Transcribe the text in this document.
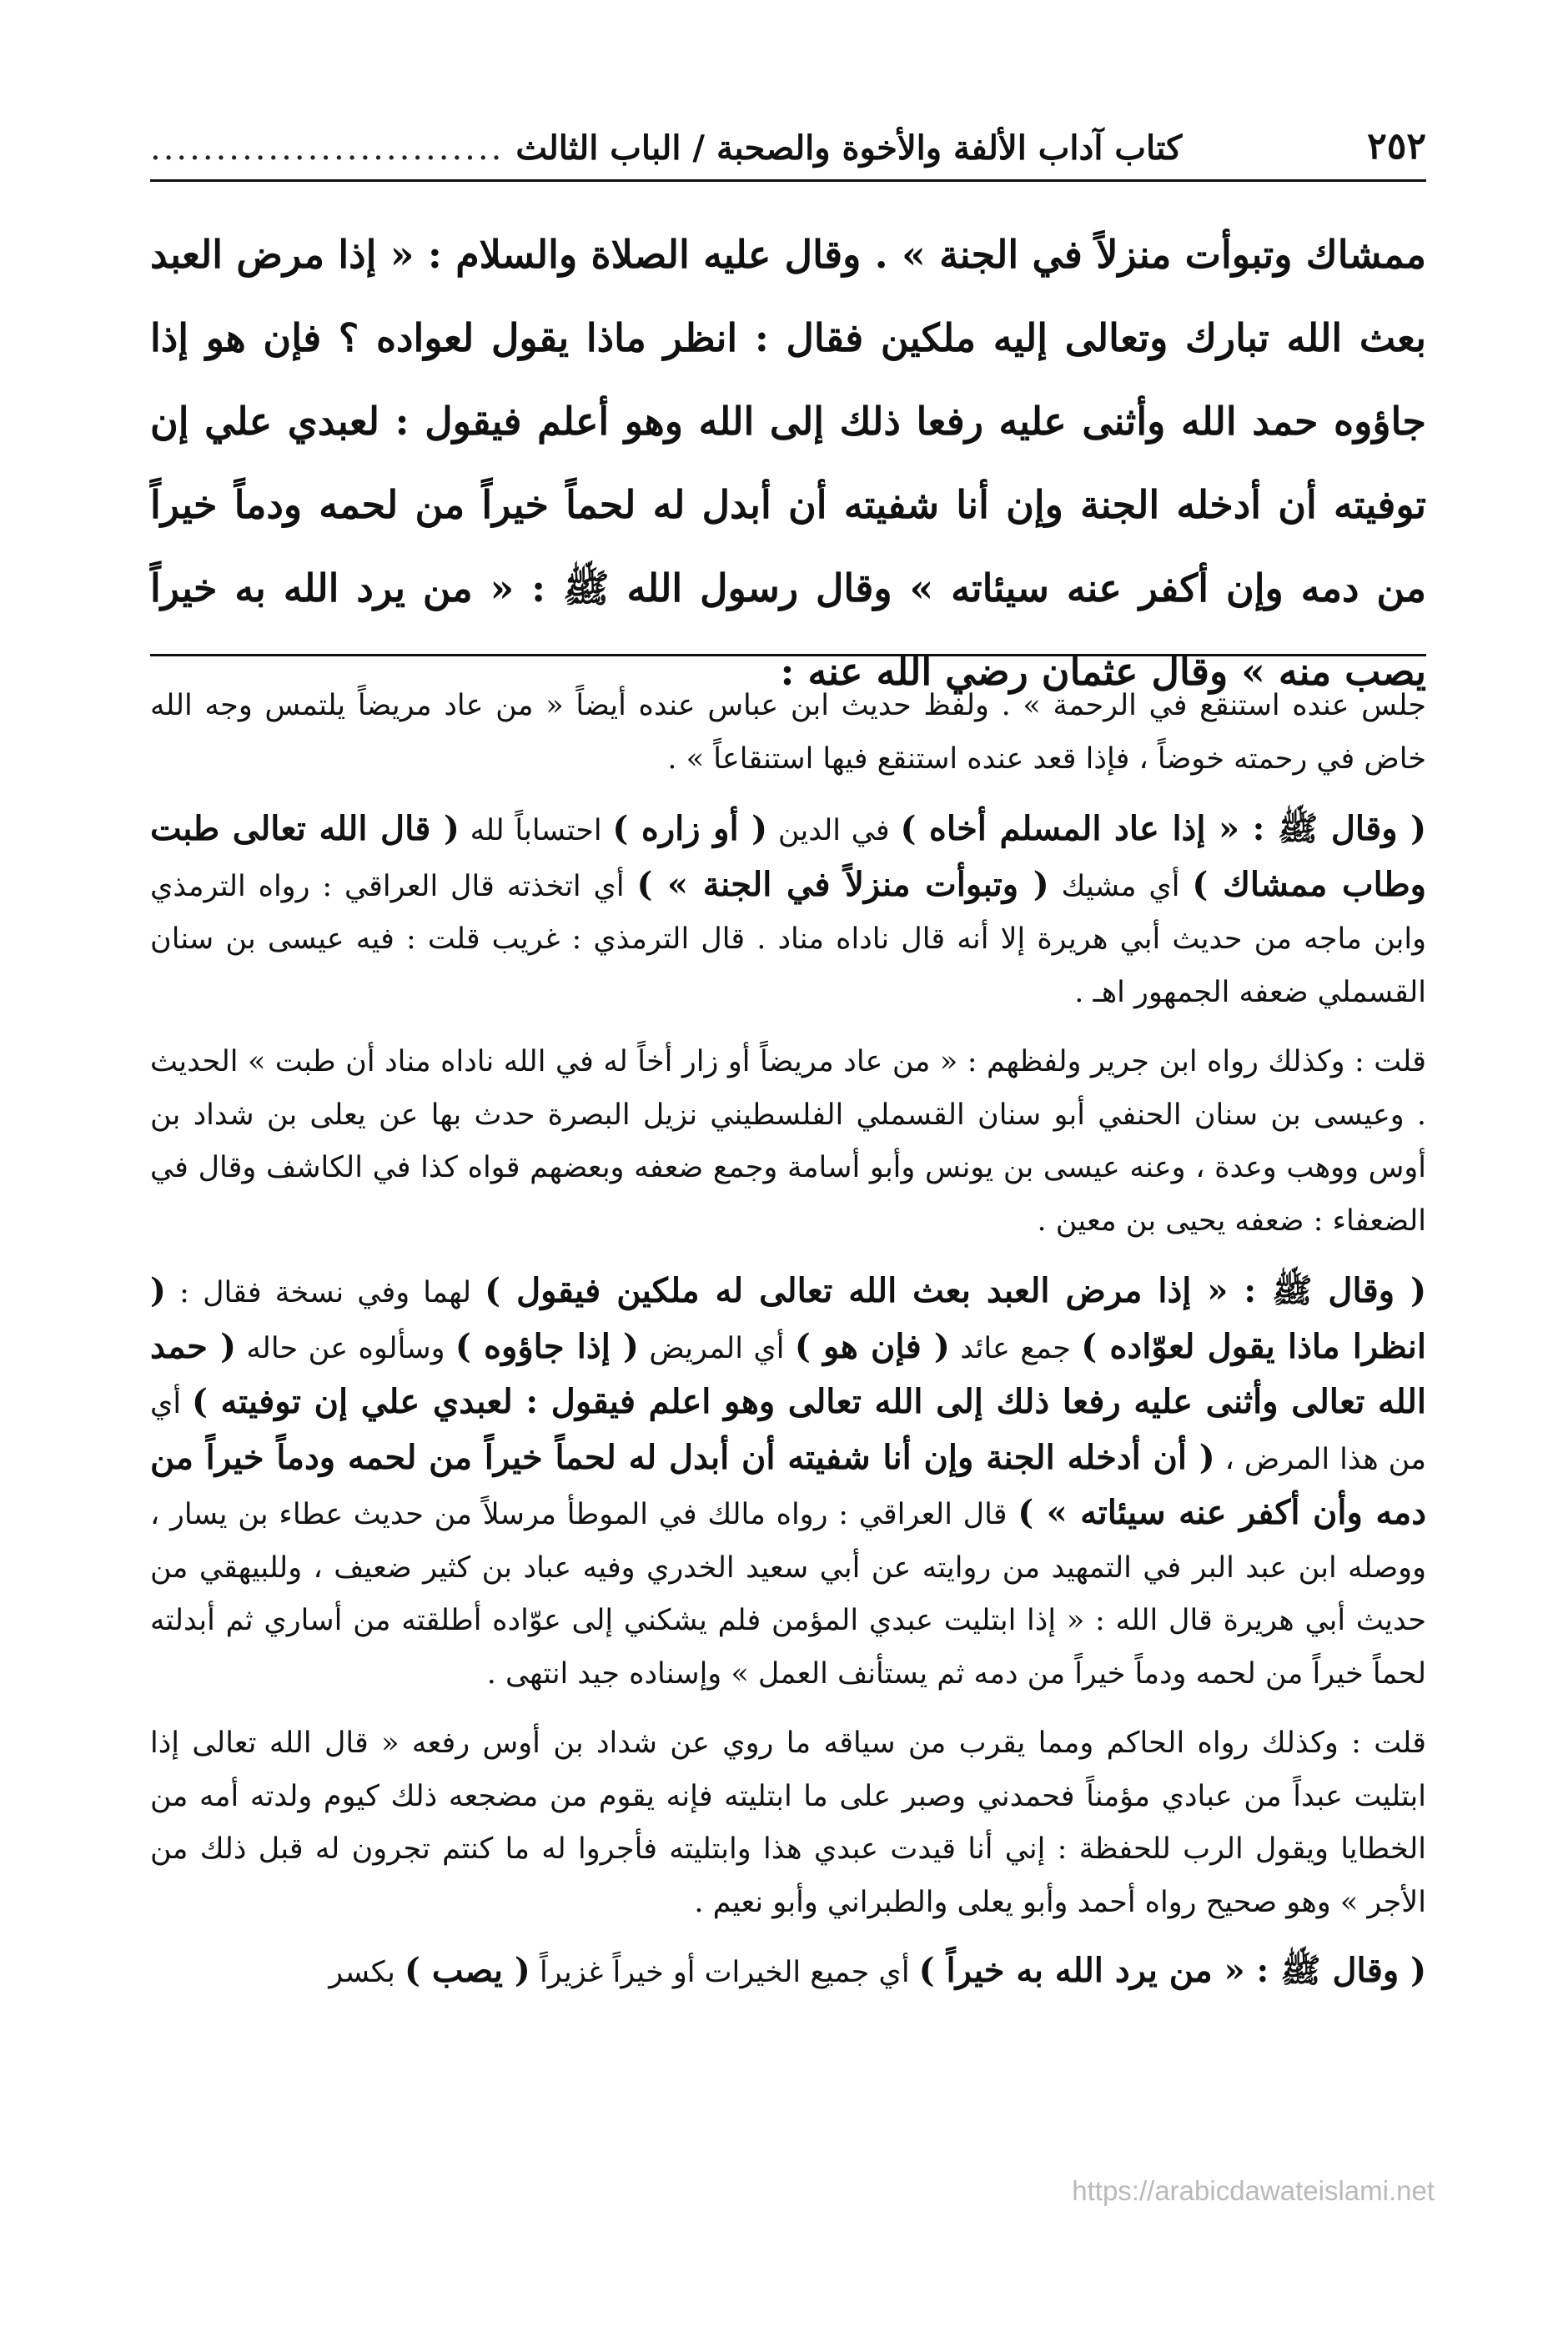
٢٥٢
كتاب آداب الألفة والأخوة والصحبة / الباب الثالث
...........................

ممشاك وتبوأت منزلاً في الجنة » . وقال عليه الصلاة والسلام : « إذا مرض العبد بعث الله تبارك وتعالى إليه ملكين فقال : انظر ماذا يقول لعواده ؟ فإن هو إذا جاؤوه حمد الله وأثنى عليه رفعا ذلك إلى الله وهو أعلم فيقول : لعبدي علي إن توفيته أن أدخله الجنة وإن أنا شفيته أن أبدل له لحماً خيراً من لحمه ودماً خيراً من دمه وإن أكفر عنه سيئاته » وقال رسول الله ﷺ : « من يرد الله به خيراً يصب منه » وقال عثمان رضي الله عنه :

جلس عنده استنقع في الرحمة » . ولفظ حديث ابن عباس عنده أيضاً « من عاد مريضاً يلتمس وجه الله خاض في رحمته خوضاً ، فإذا قعد عنده استنقع فيها استنقاعاً » .

( وقال ﷺ : « إذا عاد المسلم أخاه ) في الدين ( أو زاره ) احتساباً لله ( قال الله تعالى طبت وطاب ممشاك ) أي مشيك ( وتبوأت منزلاً في الجنة » ) أي اتخذته قال العراقي : رواه الترمذي وابن ماجه من حديث أبي هريرة إلا أنه قال ناداه مناد . قال الترمذي : غريب قلت : فيه عيسى بن سنان القسملي ضعفه الجمهور اهـ .

قلت : وكذلك رواه ابن جرير ولفظهم : « من عاد مريضاً أو زار أخاً له في الله ناداه مناد أن طبت » الحديث . وعيسى بن سنان الحنفي أبو سنان القسملي الفلسطيني نزيل البصرة حدث بها عن يعلى بن شداد بن أوس ووهب وعدة ، وعنه عيسى بن يونس وأبو أسامة وجمع ضعفه وبعضهم قواه كذا في الكاشف وقال في الضعفاء : ضعفه يحيى بن معين .

( وقال ﷺ : « إذا مرض العبد بعث الله تعالى له ملكين فيقول ) لهما وفي نسخة فقال : ( انظرا ماذا يقول لعوّاده ) جمع عائد ( فإن هو ) أي المريض ( إذا جاؤوه ) وسألوه عن حاله ( حمد الله تعالى وأثنى عليه رفعا ذلك إلى الله تعالى وهو اعلم فيقول : لعبدي علي إن توفيته ) أي من هذا المرض ، ( أن أدخله الجنة وإن أنا شفيته أن أبدل له لحماً خيراً من لحمه ودماً خيراً من دمه وأن أكفر عنه سيئاته » ) قال العراقي : رواه مالك في الموطأ مرسلاً من حديث عطاء بن يسار ، ووصله ابن عبد البر في التمهيد من روايته عن أبي سعيد الخدري وفيه عباد بن كثير ضعيف ، وللبيهقي من حديث أبي هريرة قال الله : « إذا ابتليت عبدي المؤمن فلم يشكني إلى عوّاده أطلقته من أساري ثم أبدلته لحماً خيراً من لحمه ودماً خيراً من دمه ثم يستأنف العمل » وإسناده جيد انتهى .

قلت : وكذلك رواه الحاكم ومما يقرب من سياقه ما روي عن شداد بن أوس رفعه « قال الله تعالى إذا ابتليت عبداً من عبادي مؤمناً فحمدني وصبر على ما ابتليته فإنه يقوم من مضجعه ذلك كيوم ولدته أمه من الخطايا ويقول الرب للحفظة : إني أنا قيدت عبدي هذا وابتليته فأجروا له ما كنتم تجرون له قبل ذلك من الأجر » وهو صحيح رواه أحمد وأبو يعلى والطبراني وأبو نعيم .

( وقال ﷺ : « من يرد الله به خيراً ) أي جميع الخيرات أو خيراً غزيراً ( يصب ) بكسر

https://arabicdawateislami.net
